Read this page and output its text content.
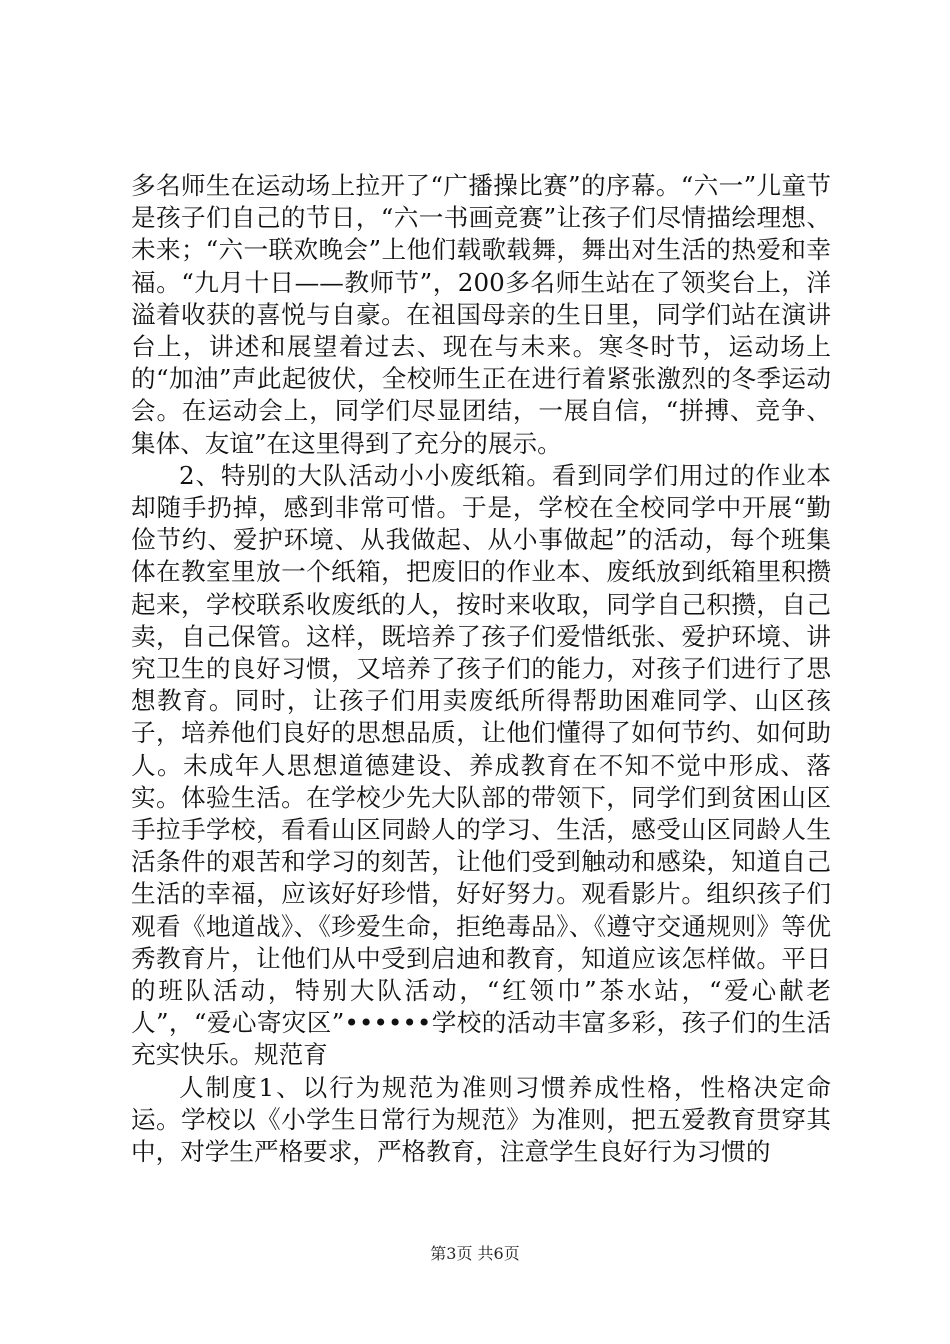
多名师生在运动场上拉开了“广播操比赛”的序幕。“六一”儿童节是孩子们自己的节日，“六一书画竞赛”让孩子们尽情描绘理想、未来；“六一联欢晚会”上他们载歌载舞，舞出对生活的热爱和幸福。“九月十日——教师节”，200多名师生站在了领奖台上，洋溢着收获的喜悦与自豪。在祖国母亲的生日里，同学们站在演讲台上，讲述和展望着过去、现在与未来。寒冬时节，运动场上的“加油”声此起彼伏，全校师生正在进行着紧张激烈的冬季运动会。在运动会上，同学们尽显团结，一展自信，“拼搏、竞争、集体、友谊”在这里得到了充分的展示。

2、特别的大队活动小小废纸箱。看到同学们用过的作业本却随手扔掉，感到非常可惜。于是，学校在全校同学中开展“勤俭节约、爱护环境、从我做起、从小事做起”的活动，每个班集体在教室里放一个纸箱，把废旧的作业本、废纸放到纸箱里积攒起来，学校联系收废纸的人，按时来收取，同学自己积攒，自己卖，自己保管。这样，既培养了孩子们爱惜纸张、爱护环境、讲究卫生的良好习惯，又培养了孩子们的能力，对孩子们进行了思想教育。同时，让孩子们用卖废纸所得帮助困难同学、山区孩子，培养他们良好的思想品质，让他们懂得了如何节约、如何助人。未成年人思想道德建设、养成教育在不知不觉中形成、落实。体验生活。在学校少先大队部的带领下，同学们到贫困山区手拉手学校，看看山区同龄人的学习、生活，感受山区同龄人生活条件的艰苦和学习的刻苦，让他们受到触动和感染，知道自己生活的幸福，应该好好珍惜，好好努力。观看影片。组织孩子们观看《地道战》、《珍爱生命，拒绝毒品》、《遵守交通规则》等优秀教育片，让他们从中受到启迪和教育，知道应该怎样做。平日的班队活动，特别大队活动，“红领巾”茶水站，“爱心献老人”，“爱心寄灾区”••••••学校的活动丰富多彩，孩子们的生活充实快乐。规范育

人制度1、以行为规范为准则习惯养成性格，性格决定命运。学校以《小学生日常行为规范》为准则，把五爱教育贯穿其中，对学生严格要求，严格教育，注意学生良好行为习惯的

第3页 共6页
